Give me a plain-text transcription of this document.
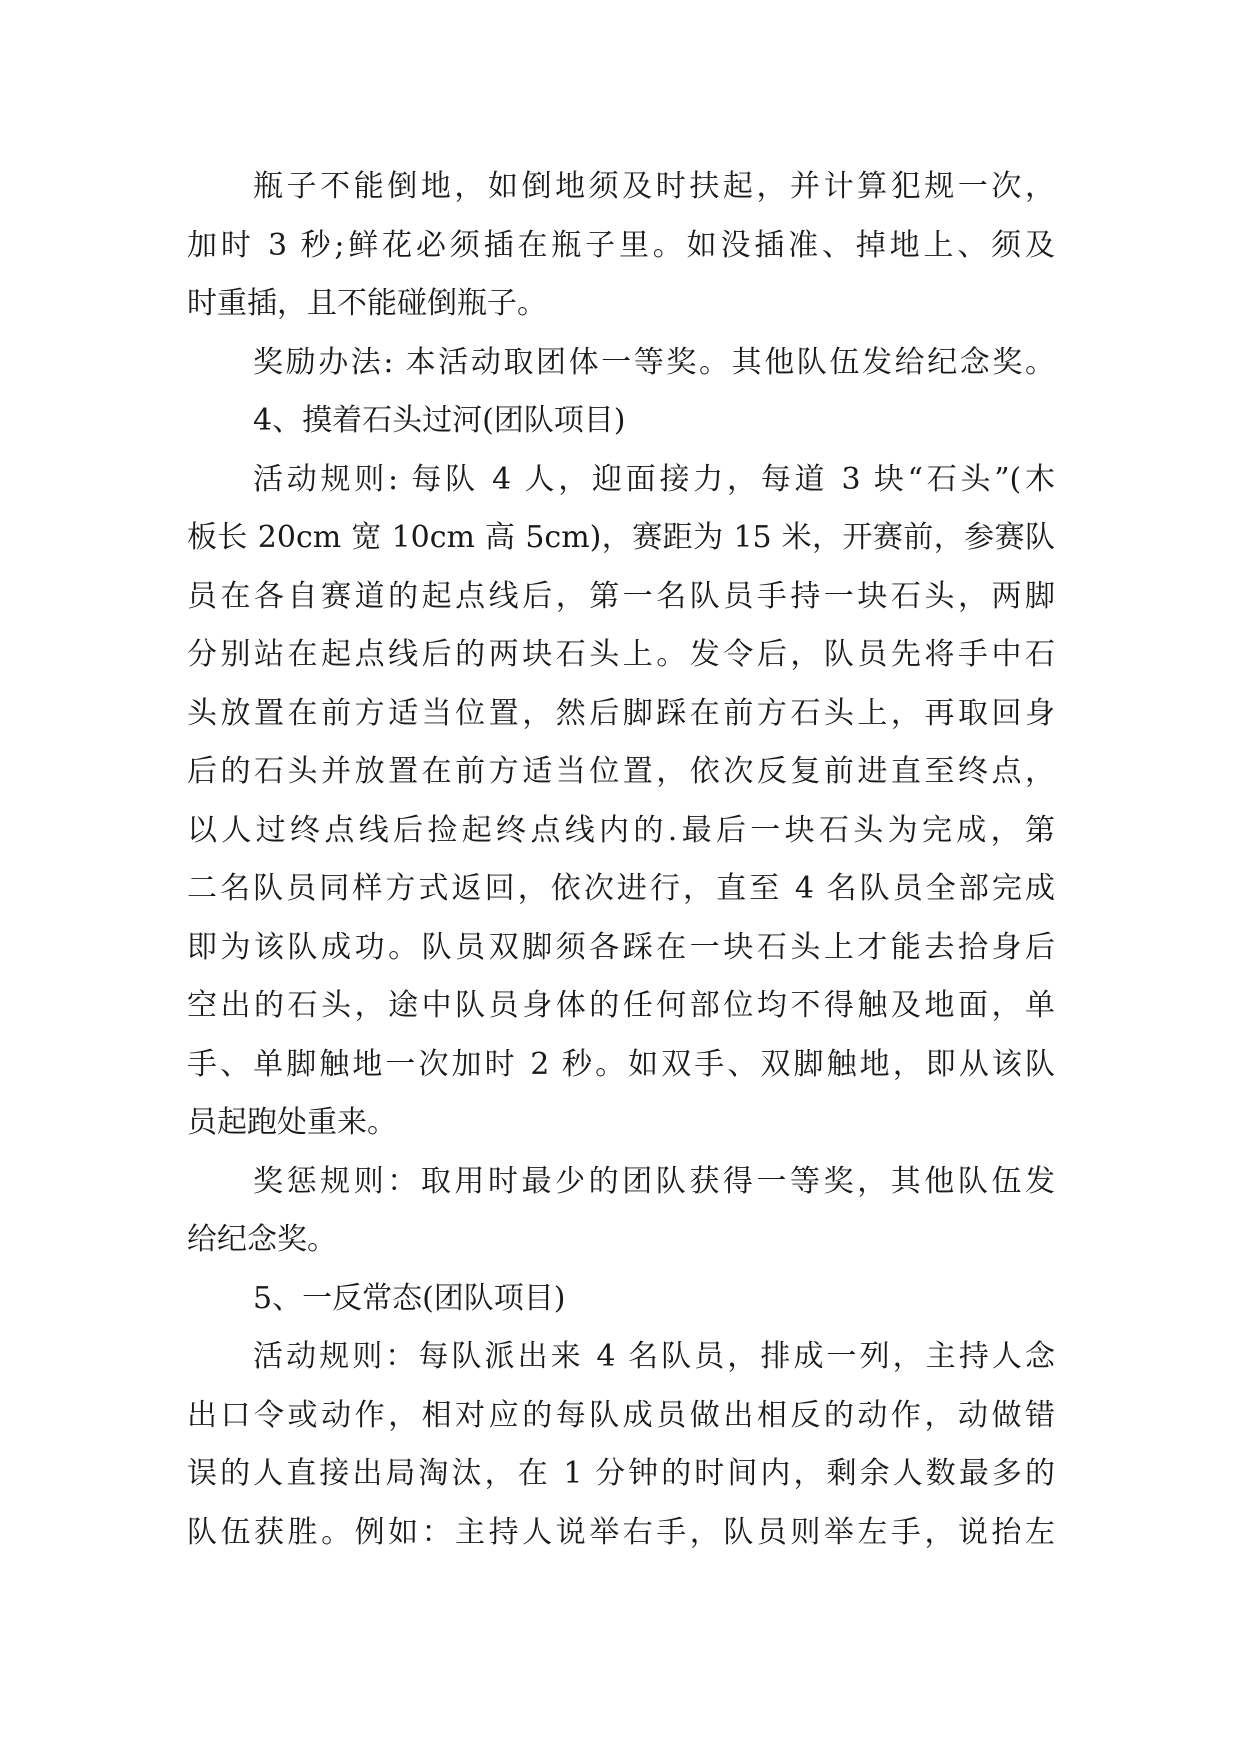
瓶子不能倒地，如倒地须及时扶起，并计算犯规一次，
加时 3 秒;鲜花必须插在瓶子里。如没插准、掉地上、须及
时重插，且不能碰倒瓶子。
奖励办法: 本活动取团体一等奖。其他队伍发给纪念奖。
4、摸着石头过河(团队项目)
活动规则: 每队 4 人，迎面接力，每道 3 块“石头”(木
板长 20cm 宽 10cm 高 5cm)，赛距为 15 米，开赛前，参赛队
员在各自赛道的起点线后，第一名队员手持一块石头，两脚
分别站在起点线后的两块石头上。发令后，队员先将手中石
头放置在前方适当位置，然后脚踩在前方石头上，再取回身
后的石头并放置在前方适当位置，依次反复前进直至终点，
以人过终点线后捡起终点线内的.最后一块石头为完成，第
二名队员同样方式返回，依次进行，直至 4 名队员全部完成
即为该队成功。队员双脚须各踩在一块石头上才能去拾身后
空出的石头，途中队员身体的任何部位均不得触及地面，单
手、单脚触地一次加时 2 秒。如双手、双脚触地，即从该队
员起跑处重来。
奖惩规则：取用时最少的团队获得一等奖，其他队伍发
给纪念奖。
5、一反常态(团队项目)
活动规则：每队派出来 4 名队员，排成一列，主持人念
出口令或动作，相对应的每队成员做出相反的动作，动做错
误的人直接出局淘汰，在 1 分钟的时间内，剩余人数最多的
队伍获胜。例如：主持人说举右手，队员则举左手，说抬左
